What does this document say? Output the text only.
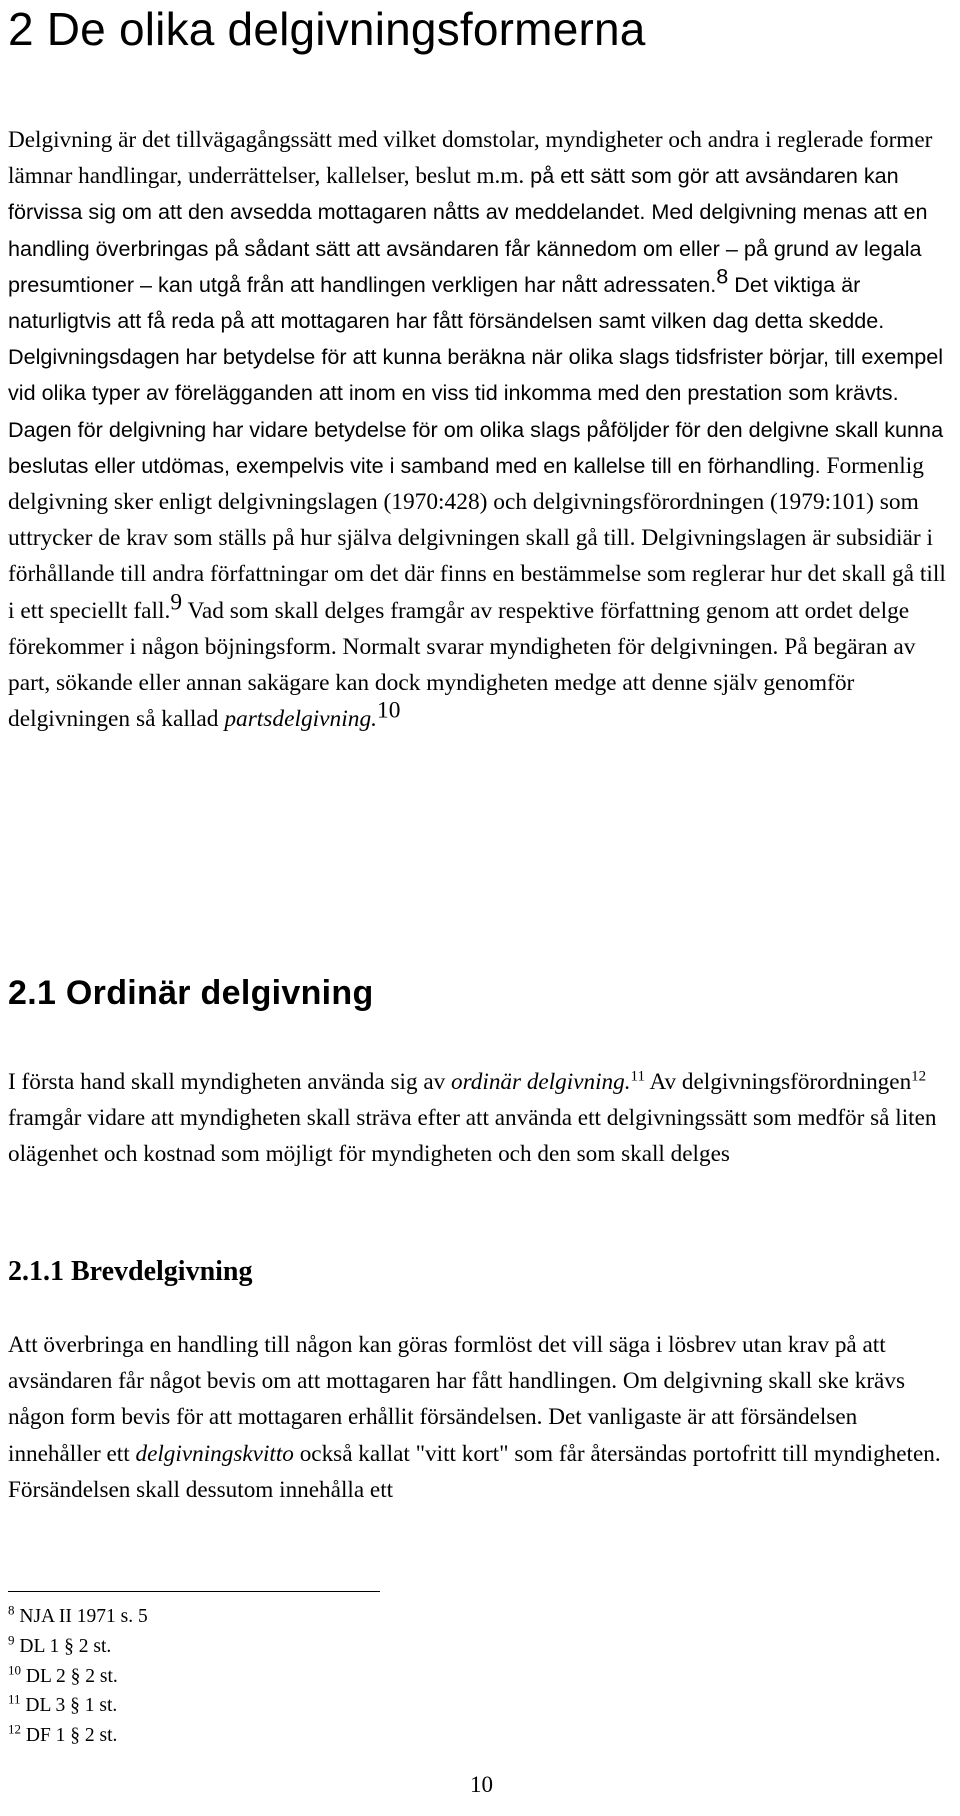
2 De olika delgivningsformerna

Delgivning är det tillvägagångssätt med vilket domstolar, myndigheter och andra i reglerade former lämnar handlingar, underrättelser, kallelser, beslut m.m. på ett sätt som gör att avsändaren kan förvissa sig om att den avsedda mottagaren nåtts av meddelandet. Med delgivning menas att en handling överbringas på sådant sätt att avsändaren får kännedom om eller – på grund av legala presumtioner – kan utgå från att handlingen verkligen har nått adressaten.$^8$ Det viktiga är naturligtvis att få reda på att mottagaren har fått försändelsen samt vilken dag detta skedde. Delgivningsdagen har betydelse för att kunna beräkna när olika slags tidsfrister börjar, till exempel vid olika typer av förelägganden att inom en viss tid inkomma med den prestation som krävts. Dagen för delgivning har vidare betydelse för om olika slags påföljder för den delgivne skall kunna beslutas eller utdömas, exempelvis vite i samband med en kallelse till en förhandling. Formenlig delgivning sker enligt delgivningslagen (1970:428) och delgivningsförordningen (1979:101) som uttrycker de krav som ställs på hur själva delgivningen skall gå till. Delgivningslagen är subsidiär i förhållande till andra författningar om det där finns en bestämmelse som reglerar hur det skall gå till i ett speciellt fall.$^9$ Vad som skall delges framgår av respektive författning genom att ordet delge förekommer i någon böjningsform. Normalt svarar myndigheten för delgivningen. På begäran av part, sökande eller annan sakägare kan dock myndigheten medge att denne själv genomför delgivningen så kallad partsdelgivning.$^{10}$

2.1 Ordinär delgivning

I första hand skall myndigheten använda sig av ordinär delgivning.$^{11}$ Av delgivningsförordningen$^{12}$ framgår vidare att myndigheten skall sträva efter att använda ett delgivningssätt som medför så liten olägenhet och kostnad som möjligt för myndigheten och den som skall delges

2.1.1 Brevdelgivning

Att överbringa en handling till någon kan göras formlöst det vill säga i lösbrev utan krav på att avsändaren får något bevis om att mottagaren har fått handlingen. Om delgivning skall ske krävs någon form bevis för att mottagaren erhållit försändelsen. Det vanligaste är att försändelsen innehåller ett delgivningskvitto också kallat "vitt kort" som får återsändas portofritt till myndigheten. Försändelsen skall dessutom innehålla ett

$^8$ NJA II 1971 s. 5
$^9$ DL 1 § 2 st.
$^{10}$ DL 2 § 2 st.
$^{11}$ DL 3 § 1 st.
$^{12}$ DF 1 § 2 st.
10
